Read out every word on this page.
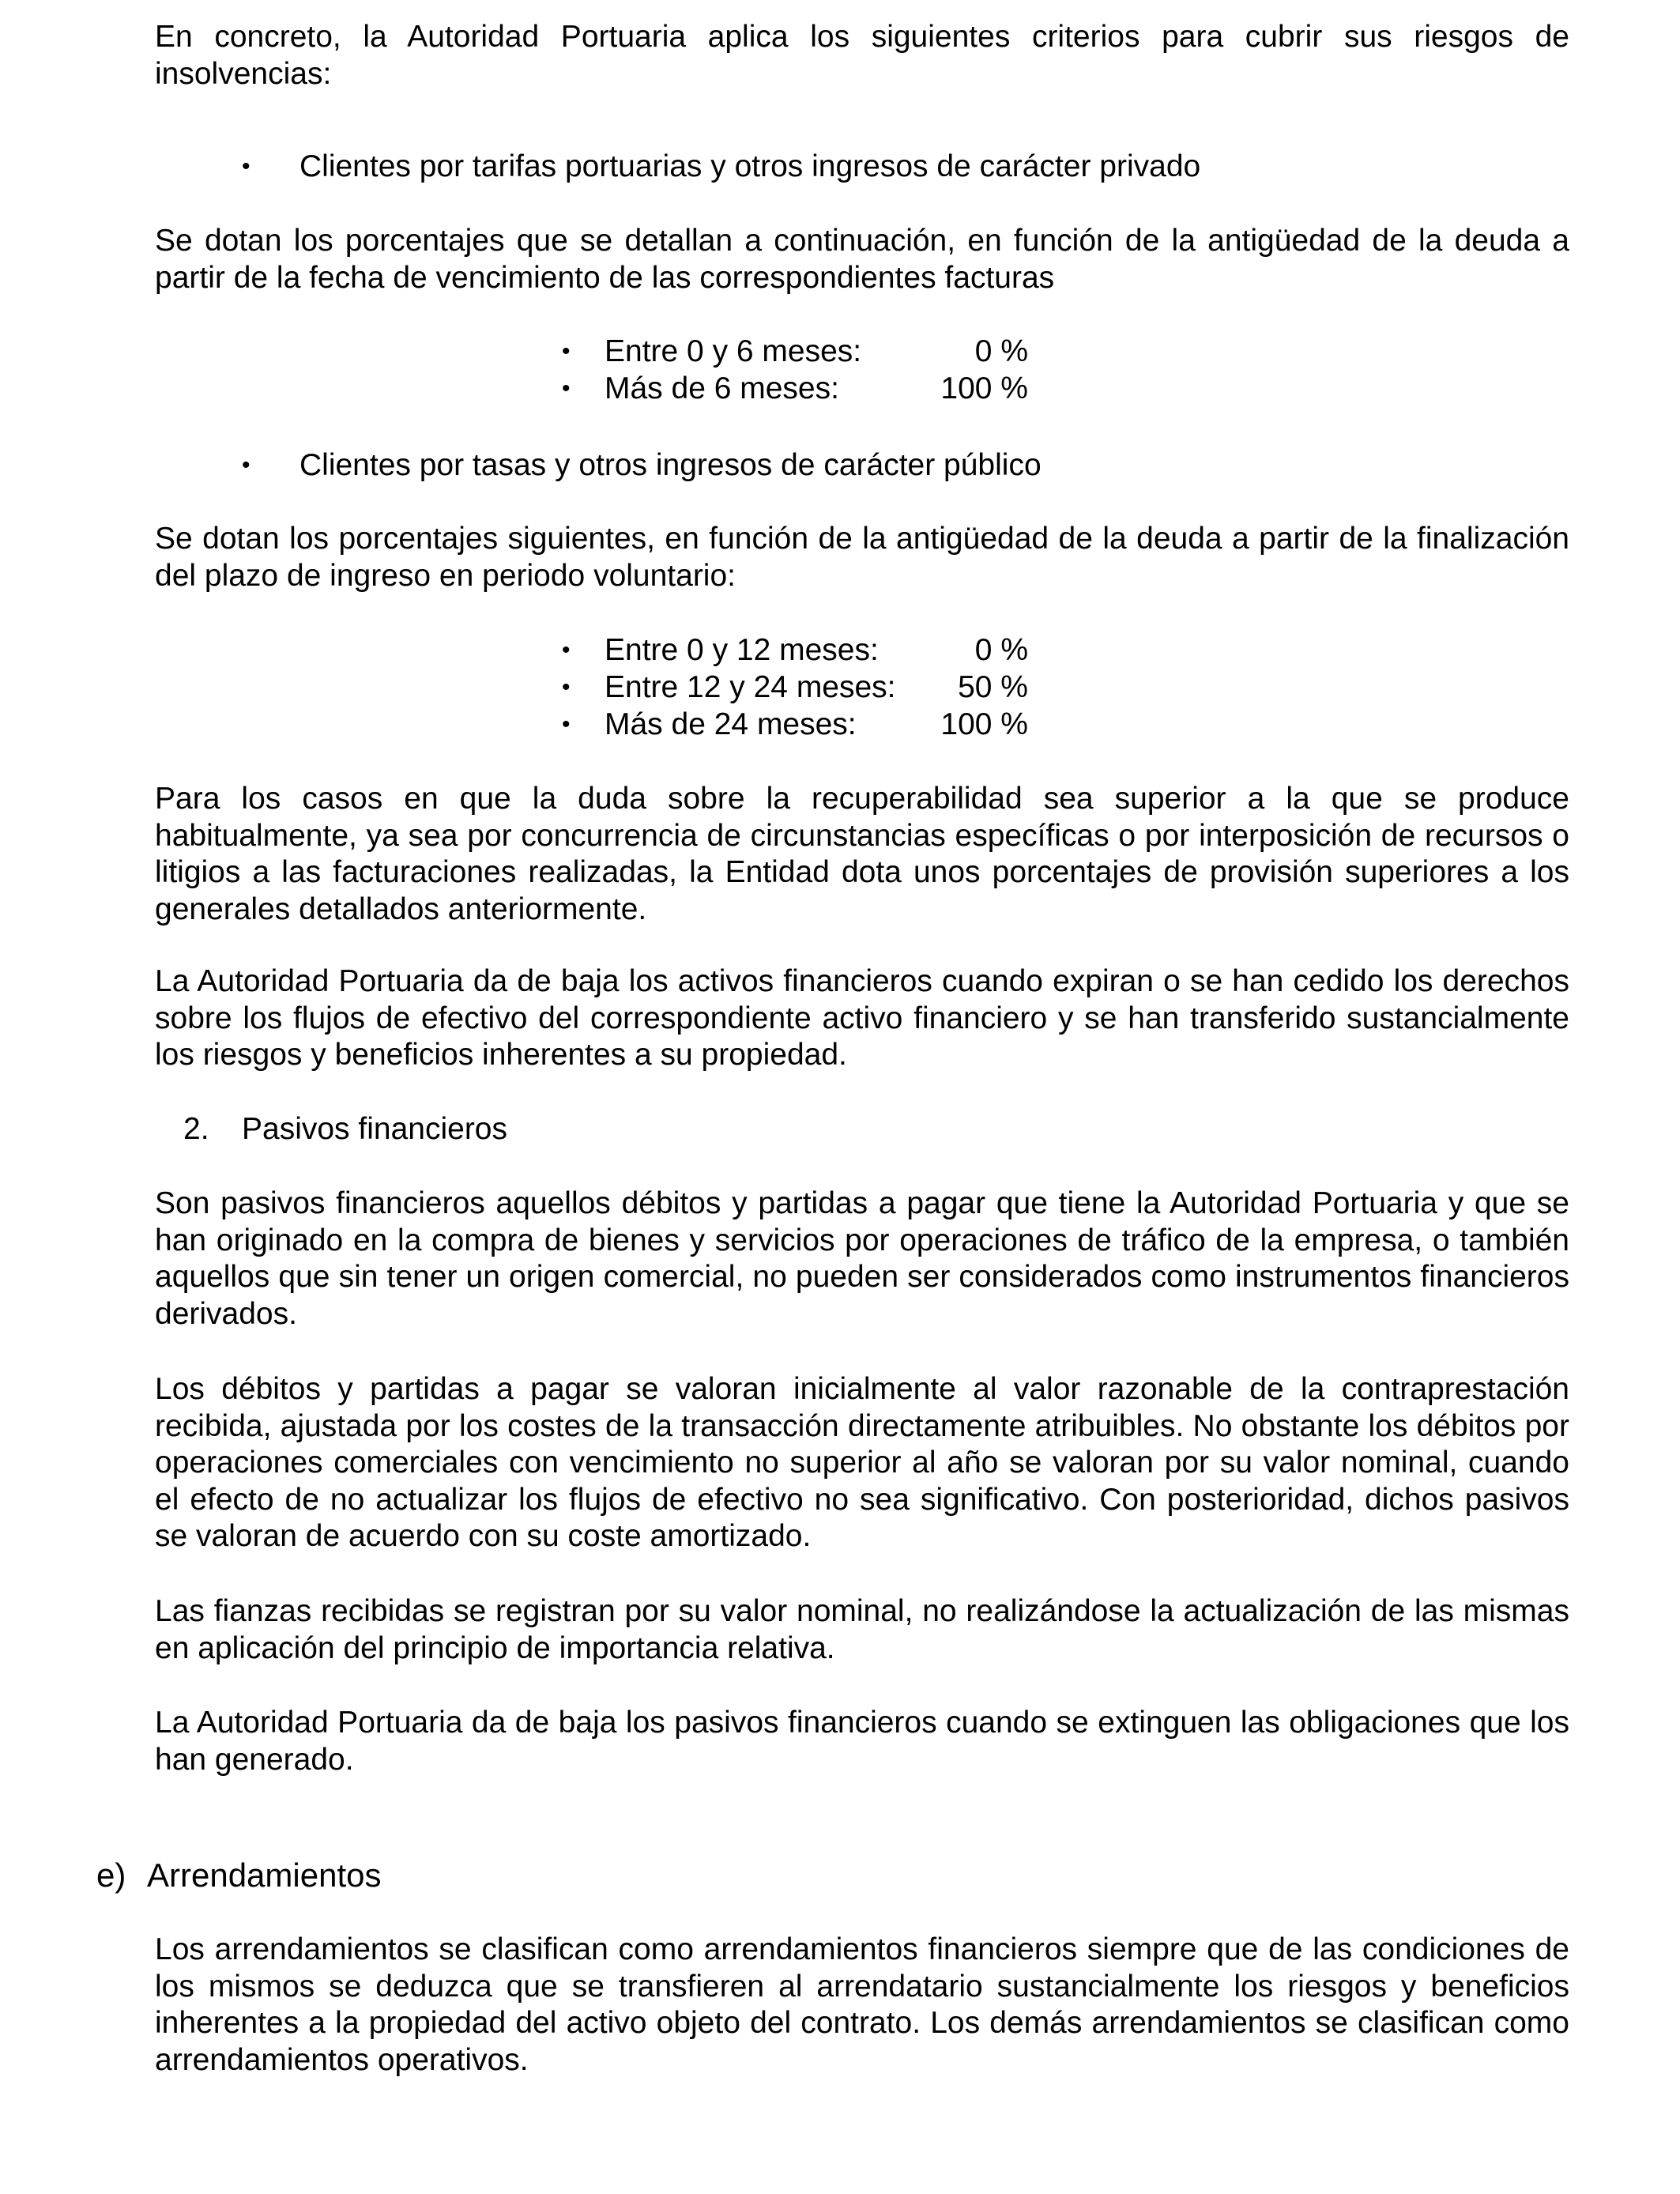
En concreto, la Autoridad Portuaria aplica los siguientes criterios para cubrir sus riesgos de insolvencias:

• Clientes por tarifas portuarias y otros ingresos de carácter privado

Se dotan los porcentajes que se detallan a continuación, en función de la antigüedad de la deuda a partir de la fecha de vencimiento de las correspondientes facturas

• Entre 0 y 6 meses:	0 %
• Más de 6 meses:	100 %
• Clientes por tasas y otros ingresos de carácter público

Se dotan los porcentajes siguientes, en función de la antigüedad de la deuda a partir de la finalización del plazo de ingreso en periodo voluntario:

• Entre 0 y 12 meses:	0 %
• Entre 12 y 24 meses: 50 %
• Más de 24 meses:	100 %

Para los casos en que la duda sobre la recuperabilidad sea superior a la que se produce habitualmente, ya sea por concurrencia de circunstancias específicas o por interposición de recursos o litigios a las facturaciones realizadas, la Entidad dota unos porcentajes de provisión superiores a los generales detallados anteriormente.

La Autoridad Portuaria da de baja los activos financieros cuando expiran o se han cedido los derechos sobre los flujos de efectivo del correspondiente activo financiero y se han transferido sustancialmente los riesgos y beneficios inherentes a su propiedad.

2. Pasivos financieros

Son pasivos financieros aquellos débitos y partidas a pagar que tiene la Autoridad Portuaria y que se han originado en la compra de bienes y servicios por operaciones de tráfico de la empresa, o también aquellos que sin tener un origen comercial, no pueden ser considerados como instrumentos financieros derivados.

Los débitos y partidas a pagar se valoran inicialmente al valor razonable de la contraprestación recibida, ajustada por los costes de la transacción directamente atribuibles. No obstante los débitos por operaciones comerciales con vencimiento no superior al año se valoran por su valor nominal, cuando el efecto de no actualizar los flujos de efectivo no sea significativo. Con posterioridad, dichos pasivos se valoran de acuerdo con su coste amortizado.

Las fianzas recibidas se registran por su valor nominal, no realizándose la actualización de las mismas en aplicación del principio de importancia relativa.

La Autoridad Portuaria da de baja los pasivos financieros cuando se extinguen las obligaciones que los han generado.

e) Arrendamientos

Los arrendamientos se clasifican como arrendamientos financieros siempre que de las condiciones de los mismos se deduzca que se transfieren al arrendatario sustancialmente los riesgos y beneficios inherentes a la propiedad del activo objeto del contrato. Los demás arrendamientos se clasifican como arrendamientos operativos.
